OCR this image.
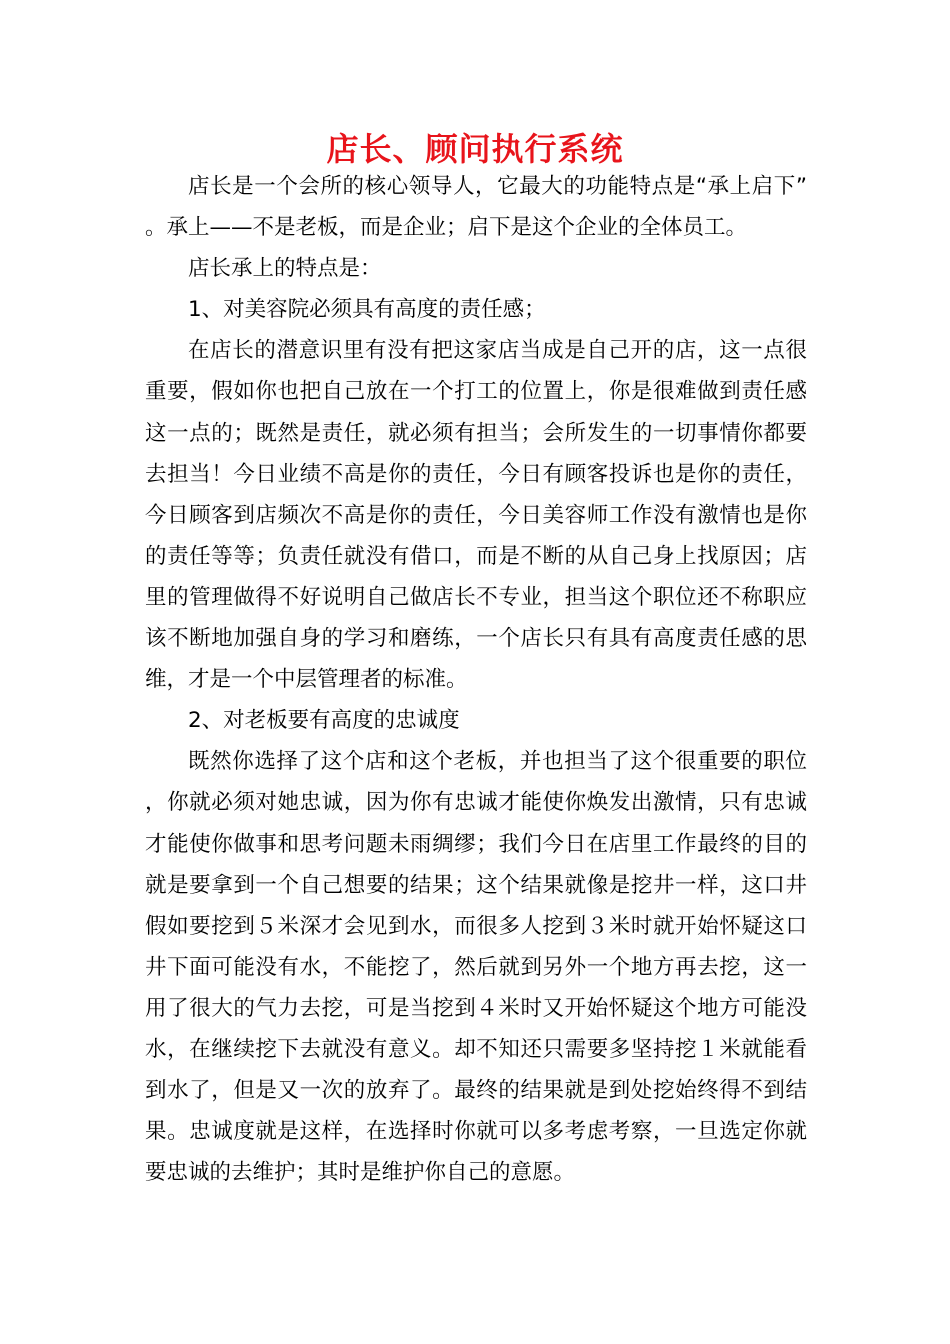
店长、顾问执行系统

店长是一个会所的核心领导人，它最大的功能特点是“承上启下”。承上——不是老板，而是企业；启下是这个企业的全体员工。

店长承上的特点是：

1、对美容院必须具有高度的责任感；

在店长的潜意识里有没有把这家店当成是自己开的店，这一点很重要，假如你也把自己放在一个打工的位置上，你是很难做到责任感这一点的；既然是责任，就必须有担当；会所发生的一切事情你都要去担当！今日业绩不高是你的责任，今日有顾客投诉也是你的责任，今日顾客到店频次不高是你的责任，今日美容师工作没有激情也是你的责任等等；负责任就没有借口，而是不断的从自己身上找原因；店里的管理做得不好说明自己做店长不专业，担当这个职位还不称职应该不断地加强自身的学习和磨练，一个店长只有具有高度责任感的思维，才是一个中层管理者的标准。

2、对老板要有高度的忠诚度

既然你选择了这个店和这个老板，并也担当了这个很重要的职位，你就必须对她忠诚，因为你有忠诚才能使你焕发出激情，只有忠诚才能使你做事和思考问题未雨绸缪；我们今日在店里工作最终的目的就是要拿到一个自己想要的结果；这个结果就像是挖井一样，这口井假如要挖到５米深才会见到水，而很多人挖到３米时就开始怀疑这口井下面可能没有水，不能挖了，然后就到另外一个地方再去挖，这一用了很大的气力去挖，可是当挖到４米时又开始怀疑这个地方可能没水，在继续挖下去就没有意义。却不知还只需要多坚持挖１米就能看到水了，但是又一次的放弃了。最终的结果就是到处挖始终得不到结果。忠诚度就是这样，在选择时你就可以多考虑考察，一旦选定你就要忠诚的去维护；其时是维护你自己的意愿。
